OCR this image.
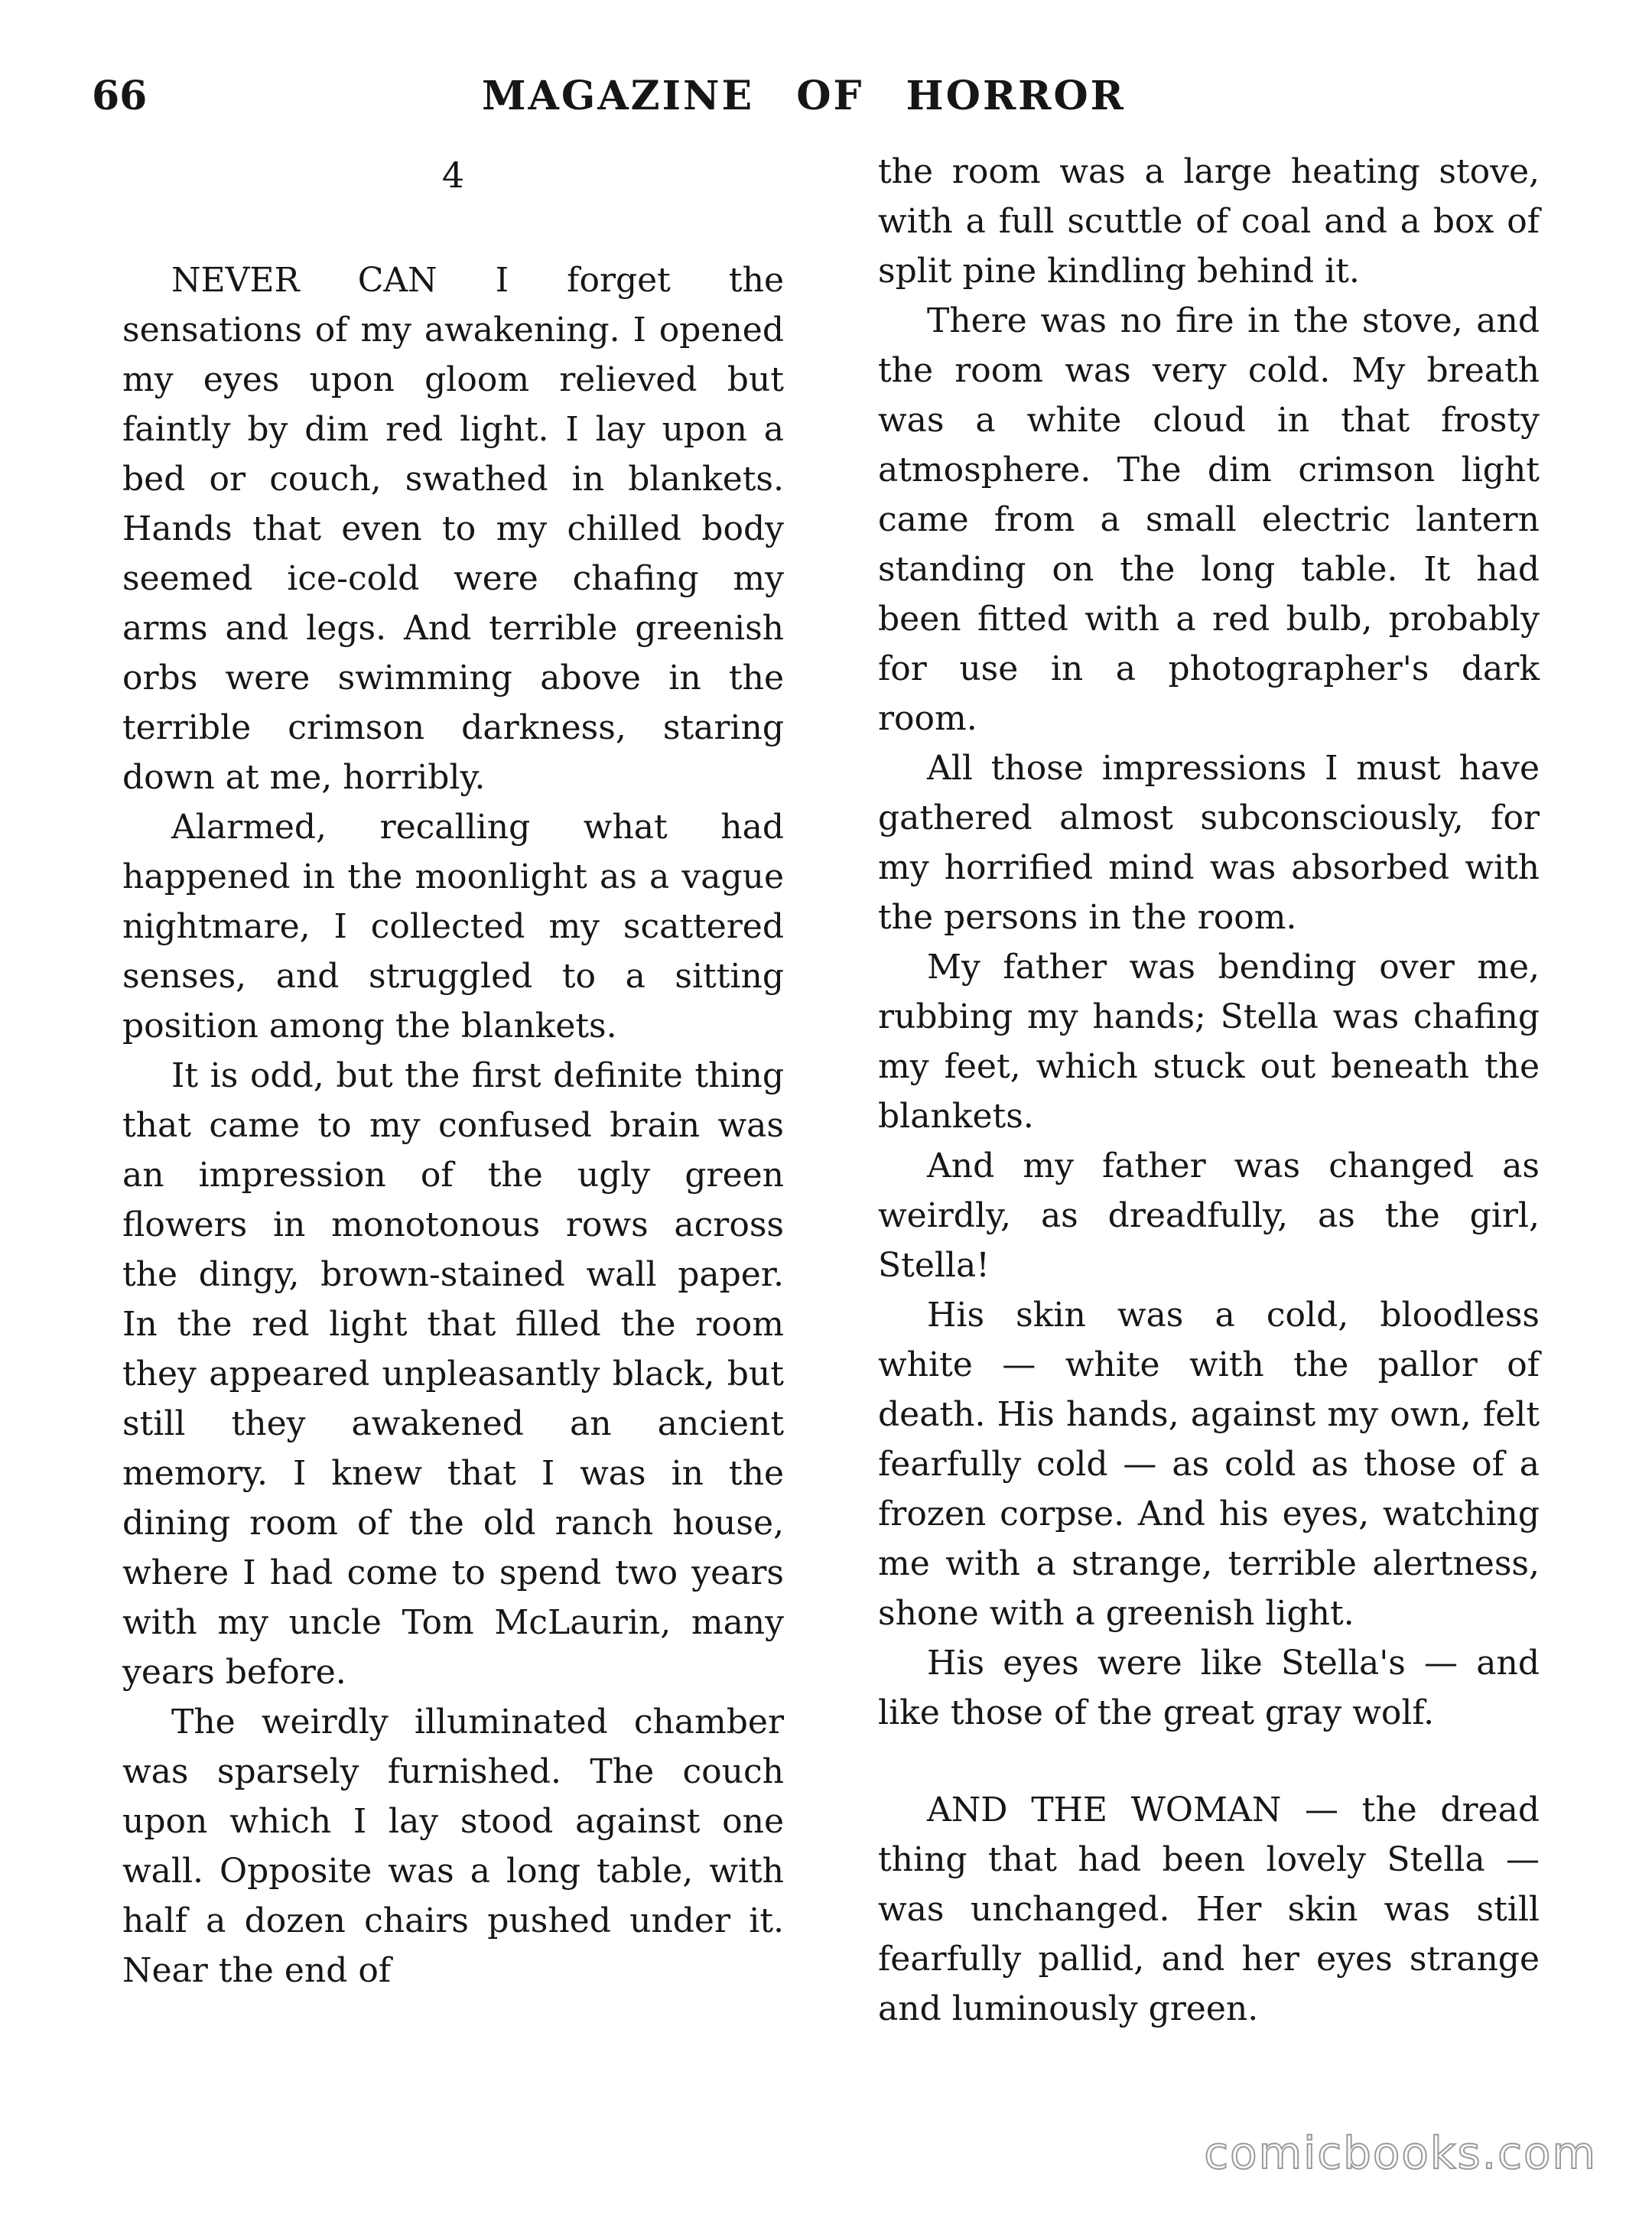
66	MAGAZINE OF HORROR
4

NEVER CAN I forget the sensations of my awakening. I opened my eyes upon gloom relieved but faintly by dim red light. I lay upon a bed or couch, swathed in blankets. Hands that even to my chilled body seemed ice-cold were chafing my arms and legs. And terrible greenish orbs were swimming above in the terrible crimson darkness, staring down at me, horribly.

Alarmed, recalling what had happened in the moonlight as a vague nightmare, I collected my scattered senses, and struggled to a sitting position among the blankets.

It is odd, but the first definite thing that came to my confused brain was an impression of the ugly green flowers in monotonous rows across the dingy, brown-stained wall paper. In the red light that filled the room they appeared unpleasantly black, but still they awakened an ancient memory. I knew that I was in the dining room of the old ranch house, where I had come to spend two years with my uncle Tom McLaurin, many years before.

The weirdly illuminated chamber was sparsely furnished. The couch upon which I lay stood against one wall. Opposite was a long table, with half a dozen chairs pushed under it. Near the end of

the room was a large heating stove, with a full scuttle of coal and a box of split pine kindling behind it.

There was no fire in the stove, and the room was very cold. My breath was a white cloud in that frosty atmosphere. The dim crimson light came from a small electric lantern standing on the long table. It had been fitted with a red bulb, probably for use in a photographer's dark room.

All those impressions I must have gathered almost subconsciously, for my horrified mind was absorbed with the persons in the room.

My father was bending over me, rubbing my hands; Stella was chafing my feet, which stuck out beneath the blankets.

And my father was changed as weirdly, as dreadfully, as the girl, Stella!

His skin was a cold, bloodless white — white with the pallor of death. His hands, against my own, felt fearfully cold — as cold as those of a frozen corpse. And his eyes, watching me with a strange, terrible alertness, shone with a greenish light.

His eyes were like Stella's — and like those of the great gray wolf.

AND THE WOMAN — the dread thing that had been lovely Stella — was unchanged. Her skin was still fearfully pallid, and her eyes strange and luminously green.

comicbooks.com
